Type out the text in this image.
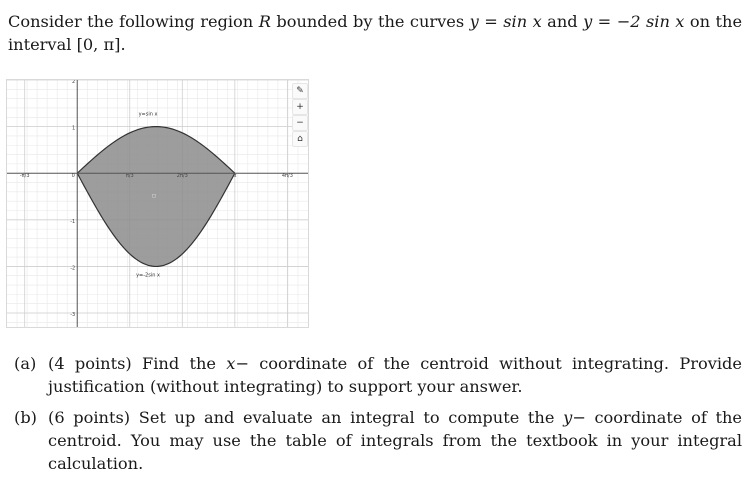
Consider the following region R bounded by the curves y = sin x and y = −2 sin x on the interval [0, π].
-π/3	0	π/3	2π/3	π	4π/3
2
1
-1
-2
-3
y=sin x
y=-2sin x
▫
✎
+
−
⌂
(a) (4 points) Find the x− coordinate of the centroid without integrating. Provide justification (without integrating) to support your answer.
(b) (6 points) Set up and evaluate an integral to compute the y− coordinate of the centroid. You may use the table of integrals from the textbook in your integral calculation.
